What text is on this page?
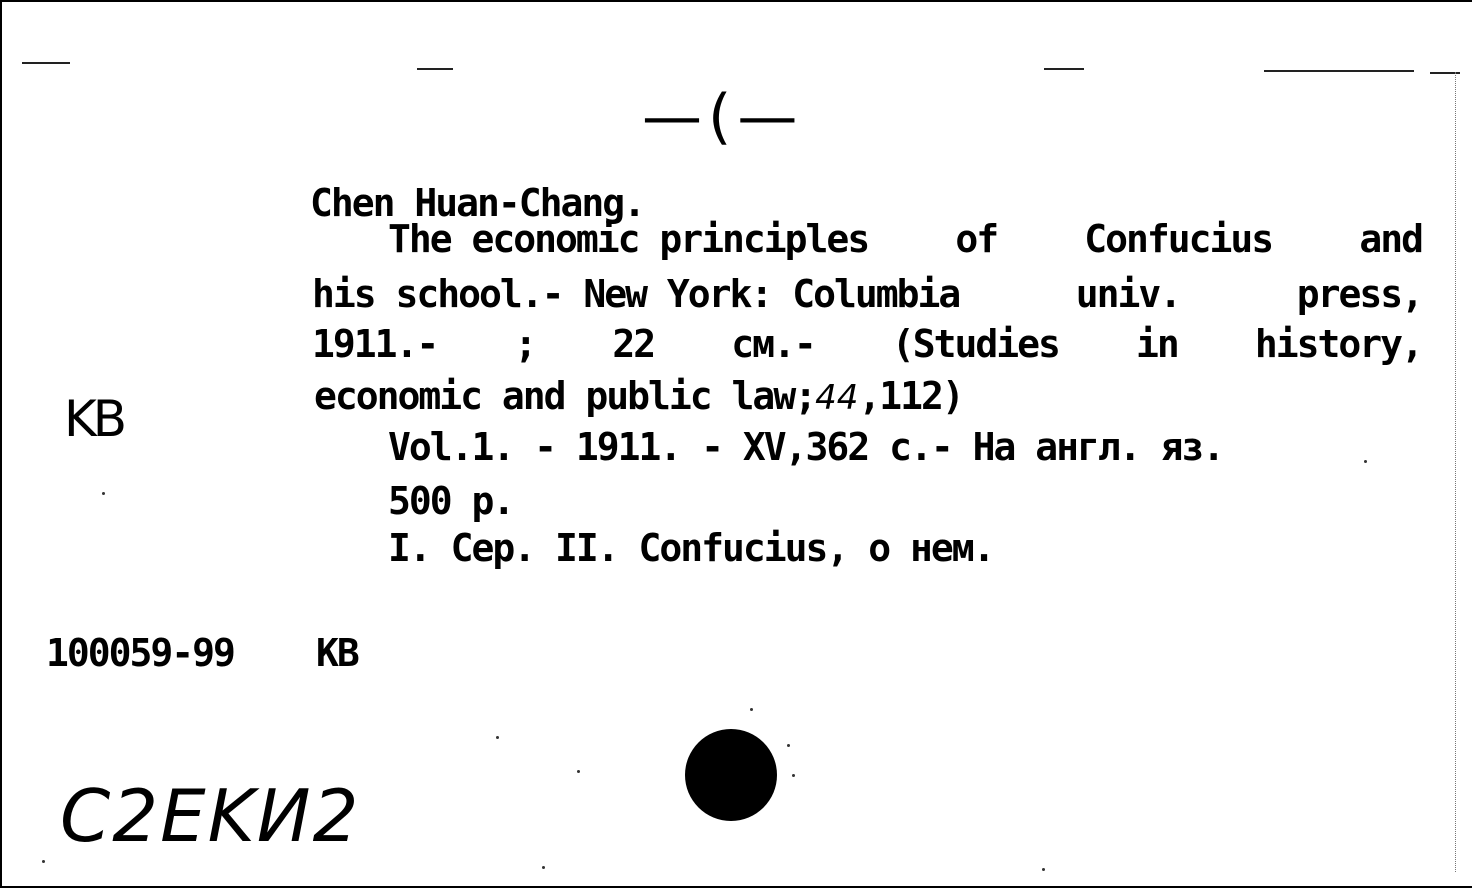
—(—
Chen Huan-Chang.
The economic principles of Confucius and
his school.- New York: Columbia	univ.	press,
1911.- ; 22 см.- (Studies in history,
economic and public law;44,112)
Vol.1. - 1911. - XV,362 с.- На англ. яз.
500 р.
I. Сер. II. Confucius, о нем.
KB
100059-99 KB
C2EKИ2
